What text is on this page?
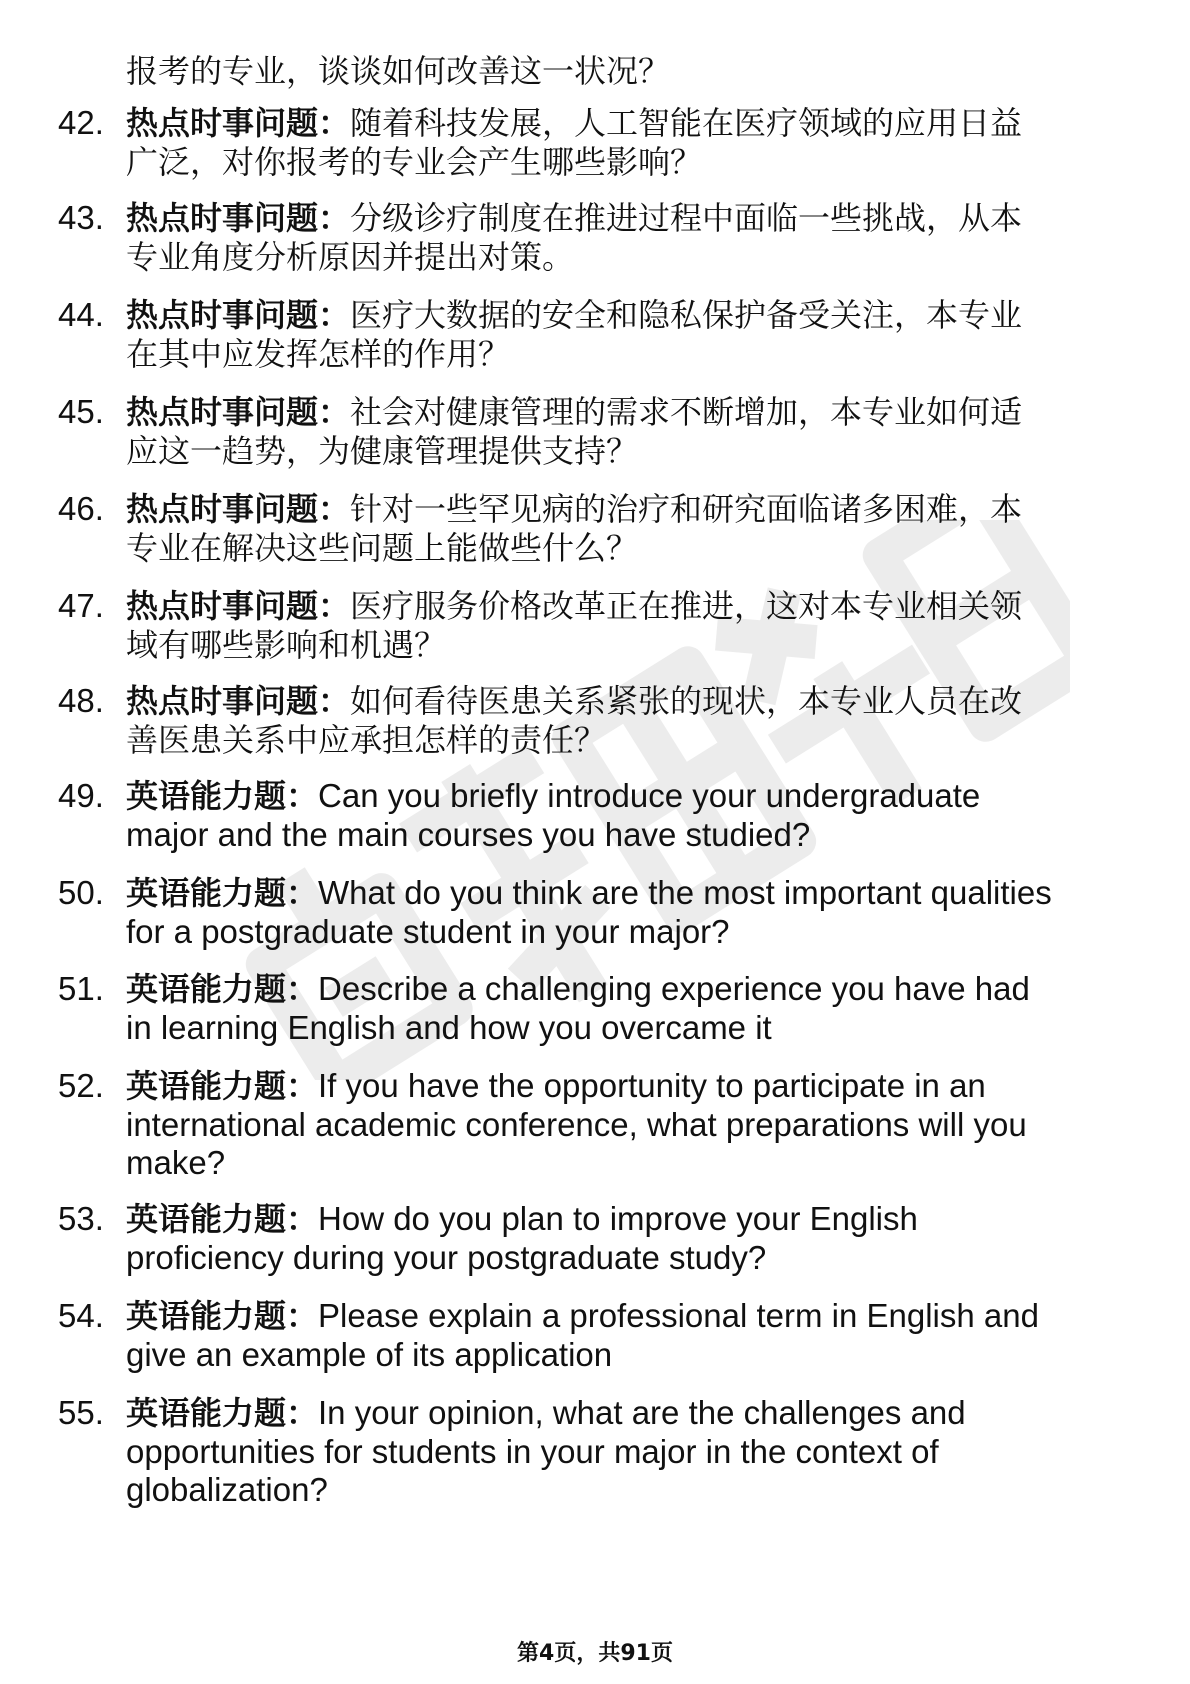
报考的专业，谈谈如何改善这一状况？
42. 热点时事问题：随着科技发展，人工智能在医疗领域的应用日益
广泛，对你报考的专业会产生哪些影响？
43. 热点时事问题：分级诊疗制度在推进过程中面临一些挑战，从本
专业角度分析原因并提出对策。
44. 热点时事问题：医疗大数据的安全和隐私保护备受关注，本专业
在其中应发挥怎样的作用？
45. 热点时事问题：社会对健康管理的需求不断增加，本专业如何适
应这一趋势，为健康管理提供支持？
46. 热点时事问题：针对一些罕见病的治疗和研究面临诸多困难，本
专业在解决这些问题上能做些什么？
47. 热点时事问题：医疗服务价格改革正在推进，这对本专业相关领
域有哪些影响和机遇？
48. 热点时事问题：如何看待医患关系紧张的现状，本专业人员在改
善医患关系中应承担怎样的责任？
49. 英语能力题：Can you briefly introduce your undergraduate
major and the main courses you have studied?
50. 英语能力题：What do you think are the most important qualities
for a postgraduate student in your major?
51. 英语能力题：Describe a challenging experience you have had
in learning English and how you overcame it
52. 英语能力题：If you have the opportunity to participate in an
international academic conference, what preparations will you
make?
53. 英语能力题：How do you plan to improve your English
proficiency during your postgraduate study?
54. 英语能力题：Please explain a professional term in English and
give an example of its application
55. 英语能力题：In your opinion, what are the challenges and
opportunities for students in your major in the context of
globalization?
第4页，共91页
